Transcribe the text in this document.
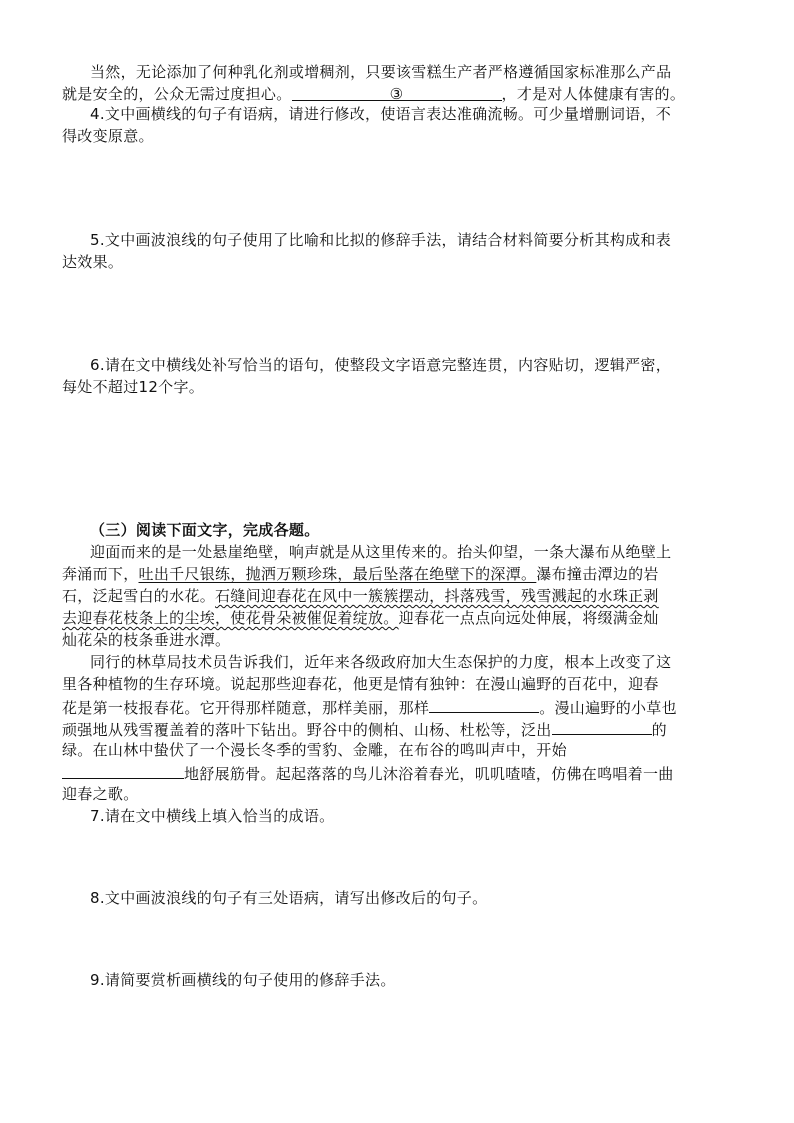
当然，无论添加了何种乳化剂或增稠剂，只要该雪糕生产者严格遵循国家标准那么产品
就是安全的，公众无需过度担心。	③	，才是对人体健康有害的。
4.文中画横线的句子有语病，请进行修改，使语言表达准确流畅。可少量增删词语，不
得改变原意。
5.文中画波浪线的句子使用了比喻和比拟的修辞手法，请结合材料简要分析其构成和表
达效果。
6.请在文中横线处补写恰当的语句，使整段文字语意完整连贯，内容贴切，逻辑严密，
每处不超过12个字。
（三）阅读下面文字，完成各题。
迎面而来的是一处悬崖绝壁，响声就是从这里传来的。抬头仰望，一条大瀑布从绝壁上
奔涌而下，吐出千尺银练，抛洒万颗珍珠，最后坠落在绝壁下的深潭。瀑布撞击潭边的岩
石，泛起雪白的水花。石缝间迎春花在风中一簇簇摆动，抖落残雪，残雪溅起的水珠正剥
去迎春花枝条上的尘埃，使花骨朵被催促着绽放。迎春花一点点向远处伸展，将缀满金灿
灿花朵的枝条垂进水潭。
同行的林草局技术员告诉我们，近年来各级政府加大生态保护的力度，根本上改变了这
里各种植物的生存环境。说起那些迎春花，他更是情有独钟：在漫山遍野的百花中，迎春
花是第一枝报春花。它开得那样随意，那样美丽，那样	。漫山遍野的小草也
顽强地从残雪覆盖着的落叶下钻出。野谷中的侧柏、山杨、杜松等，泛出	的
绿。在山林中蛰伏了一个漫长冬季的雪豹、金雕，在布谷的鸣叫声中，开始
地舒展筋骨。起起落落的鸟儿沐浴着春光，叽叽喳喳，仿佛在鸣唱着一曲
迎春之歌。
7.请在文中横线上填入恰当的成语。
8.文中画波浪线的句子有三处语病，请写出修改后的句子。
9.请简要赏析画横线的句子使用的修辞手法。
